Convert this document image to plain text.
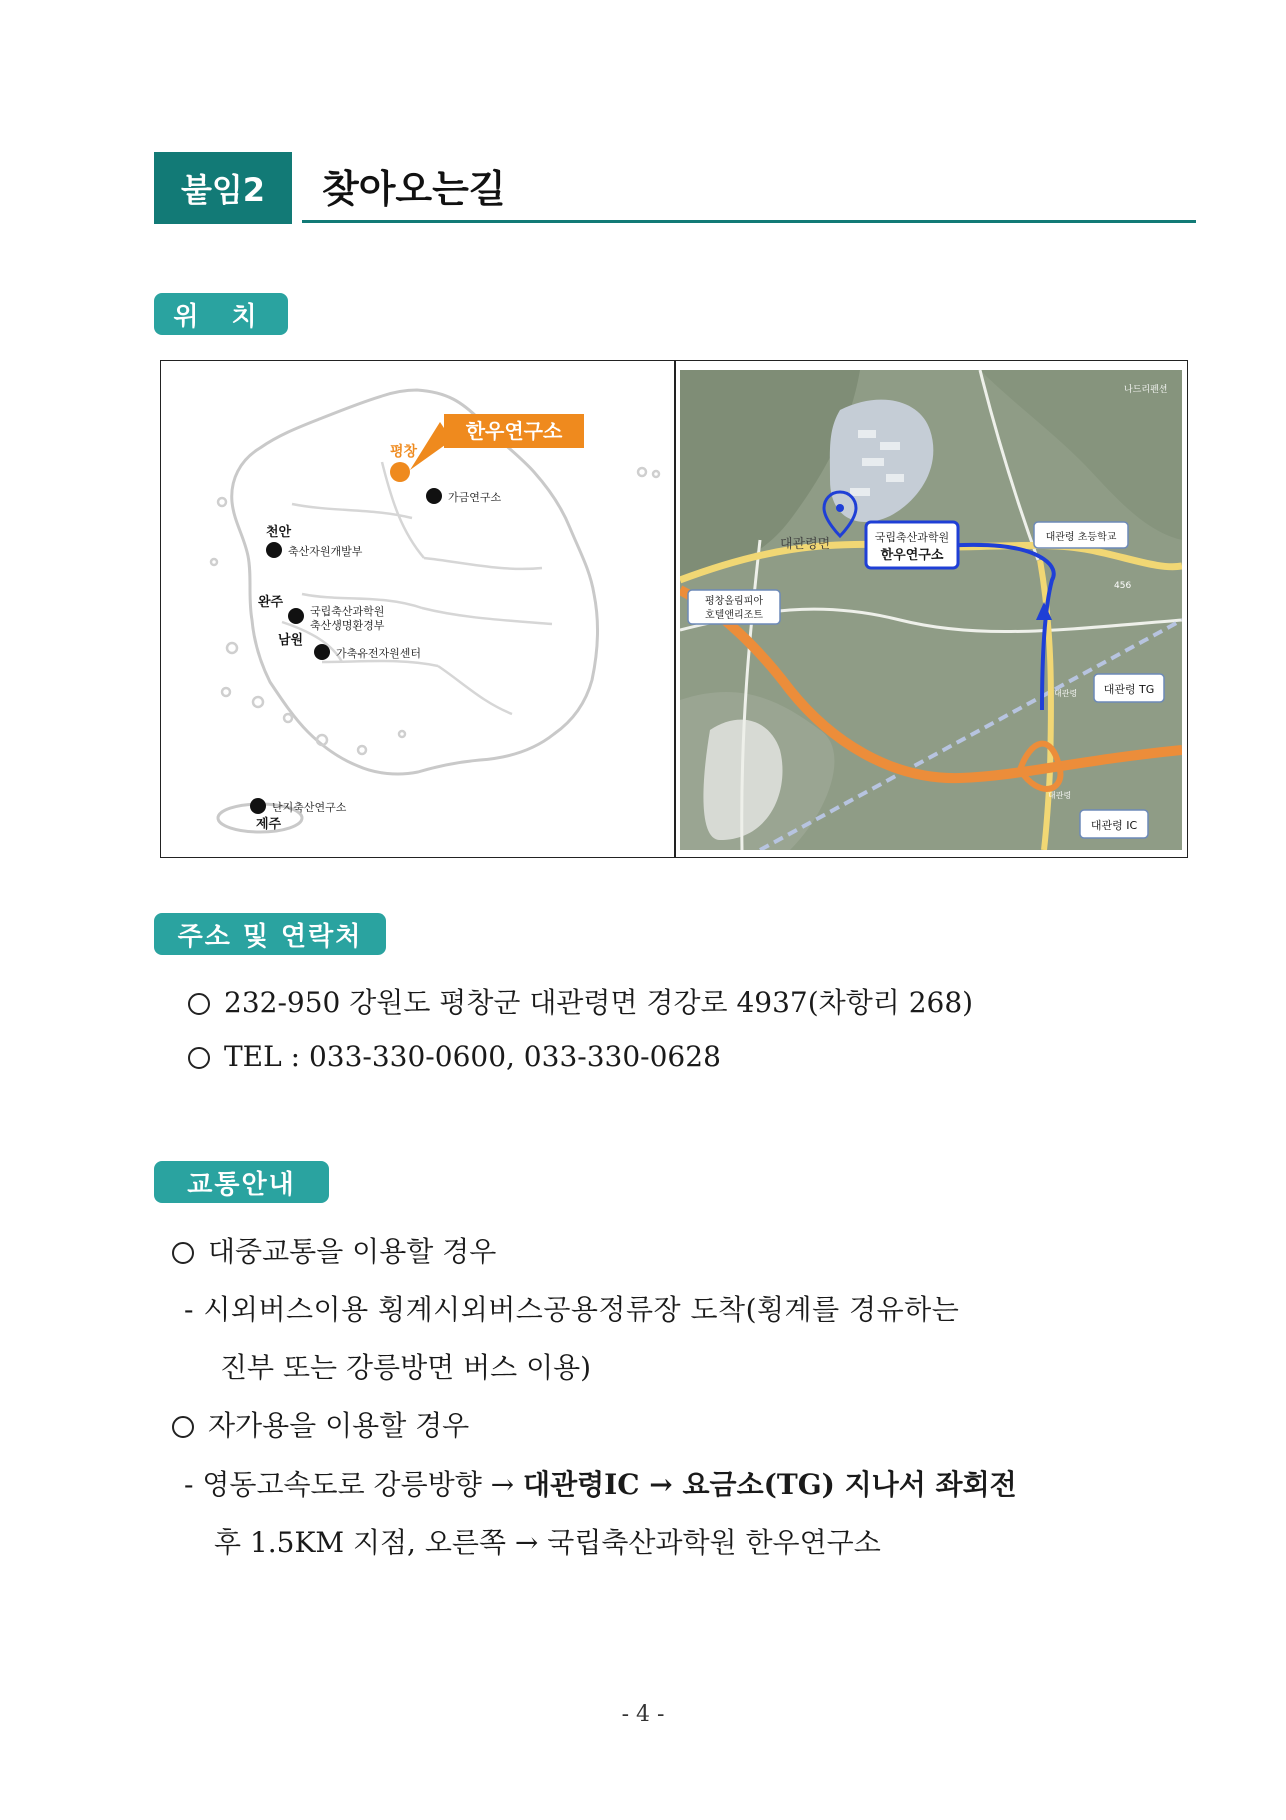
붙임2	찾아오는길
위 치
평창
한우연구소
가금연구소
천안
축산자원개발부
완주
국립축산과학원
축산생명환경부
남원
가축유전자원센터
난지축산연구소
제주
국립축산과학원
한우연구소
대관령면	대관령 초등학교
평창올림피아
호텔앤리조트
대관령 TG
대관령 IC
나드리펜션
456
대관령
대관령
주소 및 연락처
232-950 강원도 평창군 대관령면 경강로 4937(차항리 268)
TEL : 033-330-0600, 033-330-0628
교통안내
대중교통을 이용할 경우
- 시외버스이용 횡계시외버스공용정류장 도착(횡계를 경유하는
진부 또는 강릉방면 버스 이용)
자가용을 이용할 경우
- 영동고속도로 강릉방향 → 대관령IC → 요금소(TG) 지나서 좌회전
후 1.5KM 지점, 오른쪽 → 국립축산과학원 한우연구소
- 4 -
